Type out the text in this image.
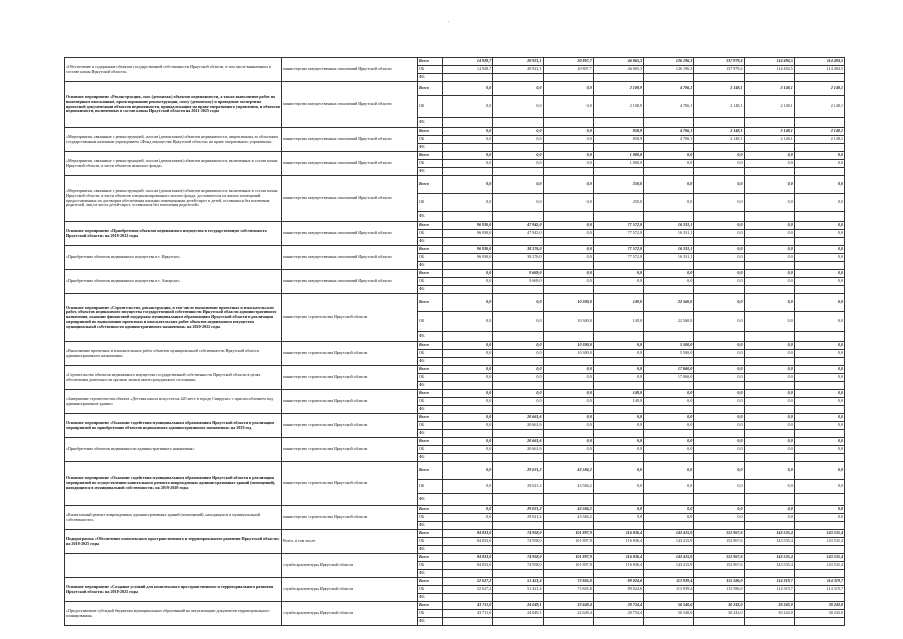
·
«Обеспечение и содержание объектов государственной собственности Иркутской области, в том числе выявленных в составе казны Иркутской области»	министерство имущественных отношений Иркутской области	Всего	14 928,7	20 921,1	20 807,7	46 065,3	126 196,3	137 979,4	114 494,5	114 494,5
		ОБ	14 928,7	20 921,1	20 807,7	46 065,3	126 196,3	137 979,4	114 494,5	114 494,5
		ФБ								
Основное мероприятие «Реконструкция, снос (демонтаж) объектов недвижимости, а также выполнение работ по инженерным изысканиям, проектированию реконструкции, сносу (демонтажу) и проведение экспертизы проектной документации объектов недвижимости, принадлежащих на праве оперативного управления, и объектов недвижимости, включенных в состав казны Иркутской области на 2021-2025 годы	министерство имущественных отношений Иркутской области	Всего	0,0	0,0	0,0	2 108,9	4 706,1	2 148,1	2 148,1	2 148,1
		ОБ	0,0	0,0	0,0	2 108,9	4 706,1	2 148,1	2 148,1	2 148,1
		ФБ								
«Мероприятия, связанные с реконструкцией, сносом (демонтажем) объектов недвижимости, закрепленных за областным государственным казенным учреждением «Фонд имущества Иркутской области» на праве оперативного управления»	министерство имущественных отношений Иркутской области	Всего	0,0	0,0	0,0	858,9	4 706,1	2 148,1	2 148,1	2 148,1
		ОБ	0,0	0,0	0,0	858,9	4 706,1	2 148,1	2 148,1	2 148,1
		ФБ								
«Мероприятия, связанные с реконструкцией, сносом (демонтажем) объектов недвижимости, включенных в состав казны Иркутской области, в части объектов нежилого фонда»	министерство имущественных отношений Иркутской области	Всего	0,0	0,0	0,0	1 000,0	0,0	0,0	0,0	0,0
		ОБ	0,0	0,0	0,0	1 000,0	0,0	0,0	0,0	0,0
		ФБ								
«Мероприятия, связанные с реконструкцией, сносом (демонтажем) объектов недвижимости, включенных в состав казны Иркутской области, в части объектов специализированного жилого фонда, доставшегося из жилых помещений, предоставленных по договорам обеспечения жилыми помещениями детей-сирот и детей, оставшихся без попечения родителей, лиц из числа детей-сирот, оставшихся без попечения родителей»	министерство имущественных отношений Иркутской области	Всего	0,0	0,0	0,0	250,0	0,0	0,0	0,0	0,0
		ОБ	0,0	0,0	0,0	250,0	0,0	0,0	0,0	0,0
		ФБ								
Основное мероприятие «Приобретение объектов недвижимого имущества в государственную собственность Иркутской области» на 2018-2022 годы	министерство имущественных отношений Иркутской области	Всего	96 930,0	47 945,0	0,0	77 572,0	16 331,1	0,0	0,0	0,0
		ОБ	96 930,0	47 945,0	0,0	77 572,0	16 331,1	0,0	0,0	0,0
		ФБ								
«Приобретение объектов недвижимого имущества в г. Иркутске»	министерство имущественных отношений Иркутской области	Всего	96 930,0	38 276,0	0,0	77 572,0	16 331,1	0,0	0,0	0,0
		ОБ	96 930,0	38 276,0	0,0	77 572,0	16 331,1	0,0	0,0	0,0
		ФБ								
«Приобретение объектов недвижимого имущества в г. Ангарске»	министерство имущественных отношений Иркутской области	Всего	0,0	9 669,0	0,0	0,0	0,0	0,0	0,0	0,0
		ОБ	0,0	9 669,0	0,0	0,0	0,0	0,0	0,0	0,0
		ФБ								
Основное мероприятие «Строительство, реконструкция, в том числе выполнение проектных и изыскательских работ, объектов недвижимого имущества государственной собственности Иркутской области административного назначения, оказание финансовой поддержки муниципальным образованиям Иркутской области в реализации мероприятий по выполнению проектных и изыскательских работ объектов недвижимого имущества муниципальной собственности административного назначения» на 2020-2022 годы	министерство строительства Иркутской области	Всего	0,0	0,0	10 300,0	149,0	22 560,0	0,0	0,0	0,0
		ОБ	0,0	0,0	10 300,0	149,0	22 560,0	0,0	0,0	0,0
		ФБ								
«Выполнение проектных и изыскательских работ объектов муниципальной собственности Иркутской области административного назначения»	министерство строительства Иркутской области	Всего	0,0	0,0	10 300,0	0,0	5 500,0	0,0	0,0	0,0
		ОБ	0,0	0,0	10 300,0	0,0	5 500,0	0,0	0,0	0,0
		ФБ								
«Строительство объектов недвижимого имущества государственной собственности Иркутской области в целях обеспечения деятельности органов записи актов гражданского состояния»	министерство строительства Иркутской области	Всего	0,0	0,0	0,0	0,0	17 060,0	0,0	0,0	0,0
		ОБ	0,0	0,0	0,0	0,0	17 060,0	0,0	0,0	0,0
		ФБ								
«Завершение строительства объекта «Детская школа искусств на 420 мест в городе Свирдске» с приспособлением под административное здание»	министерство строительства Иркутской области	Всего	0,0	0,0	0,0	149,0	0,0	0,0	0,0	0,0
		ОБ	0,0	0,0	0,0	149,0	0,0	0,0	0,0	0,0
		ФБ								
Основное мероприятие «Оказание содействия муниципальным образованиям Иркутской области в реализации мероприятий по приобретению объектов недвижимого административного назначения» на 2019 год	министерство строительства Иркутской области	Всего	0,0	20 661,6	0,0	0,0	0,0	0,0	0,0	0,0
		ОБ	0,0	20 661,6	0,0	0,0	0,0	0,0	0,0	0,0
		ФБ								
«Приобретение объектов недвижимости административного назначения»	министерство строительства Иркутской области	Всего	0,0	20 661,6	0,0	0,0	0,0	0,0	0,0	0,0
		ОБ	0,0	20 661,6	0,0	0,0	0,0	0,0	0,0	0,0
		ФБ								
Основное мероприятие «Оказание содействия муниципальным образованиям Иркутской области в реализации мероприятий по осуществлению капитального ремонта поврежденных административных зданий (помещений), находящихся в муниципальной собственности» на 2019-2020 годы	министерство строительства Иркутской области	Всего	0,0	29 021,2	43 584,2	0,0	0,0	0,0	0,0	0,0
		ОБ	0,0	29 021,2	43 584,2	0,0	0,0	0,0	0,0	0,0
		ФБ								
«Капитальный ремонт поврежденных административных зданий (помещений), находящихся в муниципальной собственности»	министерство строительства Иркутской области	Всего	0,0	29 021,2	43 584,2	0,0	0,0	0,0	0,0	0,0
		ОБ	0,0	29 021,2	43 584,2	0,0	0,0	0,0	0,0	0,0
		ФБ								
Подпрограмма «Обеспечение комплексного пространственного и территориального развития Иркутской области» на 2018-2025 годы	Всего, в том числе	Всего	84 833,0	74 958,0	101 897,9	116 836,4	143 415,9	152 967,6	143 535,4	143 535,4
		ОБ	84 833,0	74 958,0	101 897,9	116 836,4	143 415,9	152 967,6	143 535,4	143 535,4
		ФБ								
	служба архитектуры Иркутской области	Всего	84 833,0	74 958,0	101 897,9	116 836,4	143 415,9	152 967,6	143 535,4	143 535,4
		ОБ	84 833,0	74 958,0	101 897,9	116 836,4	143 415,9	152 967,6	143 535,4	143 535,4
		ФБ								
Основное мероприятие «Создание условий для комплексного пространственного и территориального развития Иркутской области» на 2018-2025 годы	служба архитектуры Иркутской области	Всего	52 627,2	51 421,4	73 845,8	89 024,6	113 939,4	115 586,0	114 319,7	114 319,7
		ОБ	52 627,2	51 421,4	73 845,8	89 024,6	113 939,4	115 586,0	114 319,7	114 319,7
		ФБ								
«Предоставление субсидий бюджетам муниципальных образований на актуализацию документов территориального планирования»	служба архитектуры Иркутской области	Всего	43 711,0	24 049,1	22 649,4	20 754,4	56 540,6	30 243,0	30 243,0	30 243,0
		ОБ	43 711,0	24 049,1	22 649,4	20 754,4	56 540,6	30 243,0	30 243,0	30 243,0
		ФБ								
